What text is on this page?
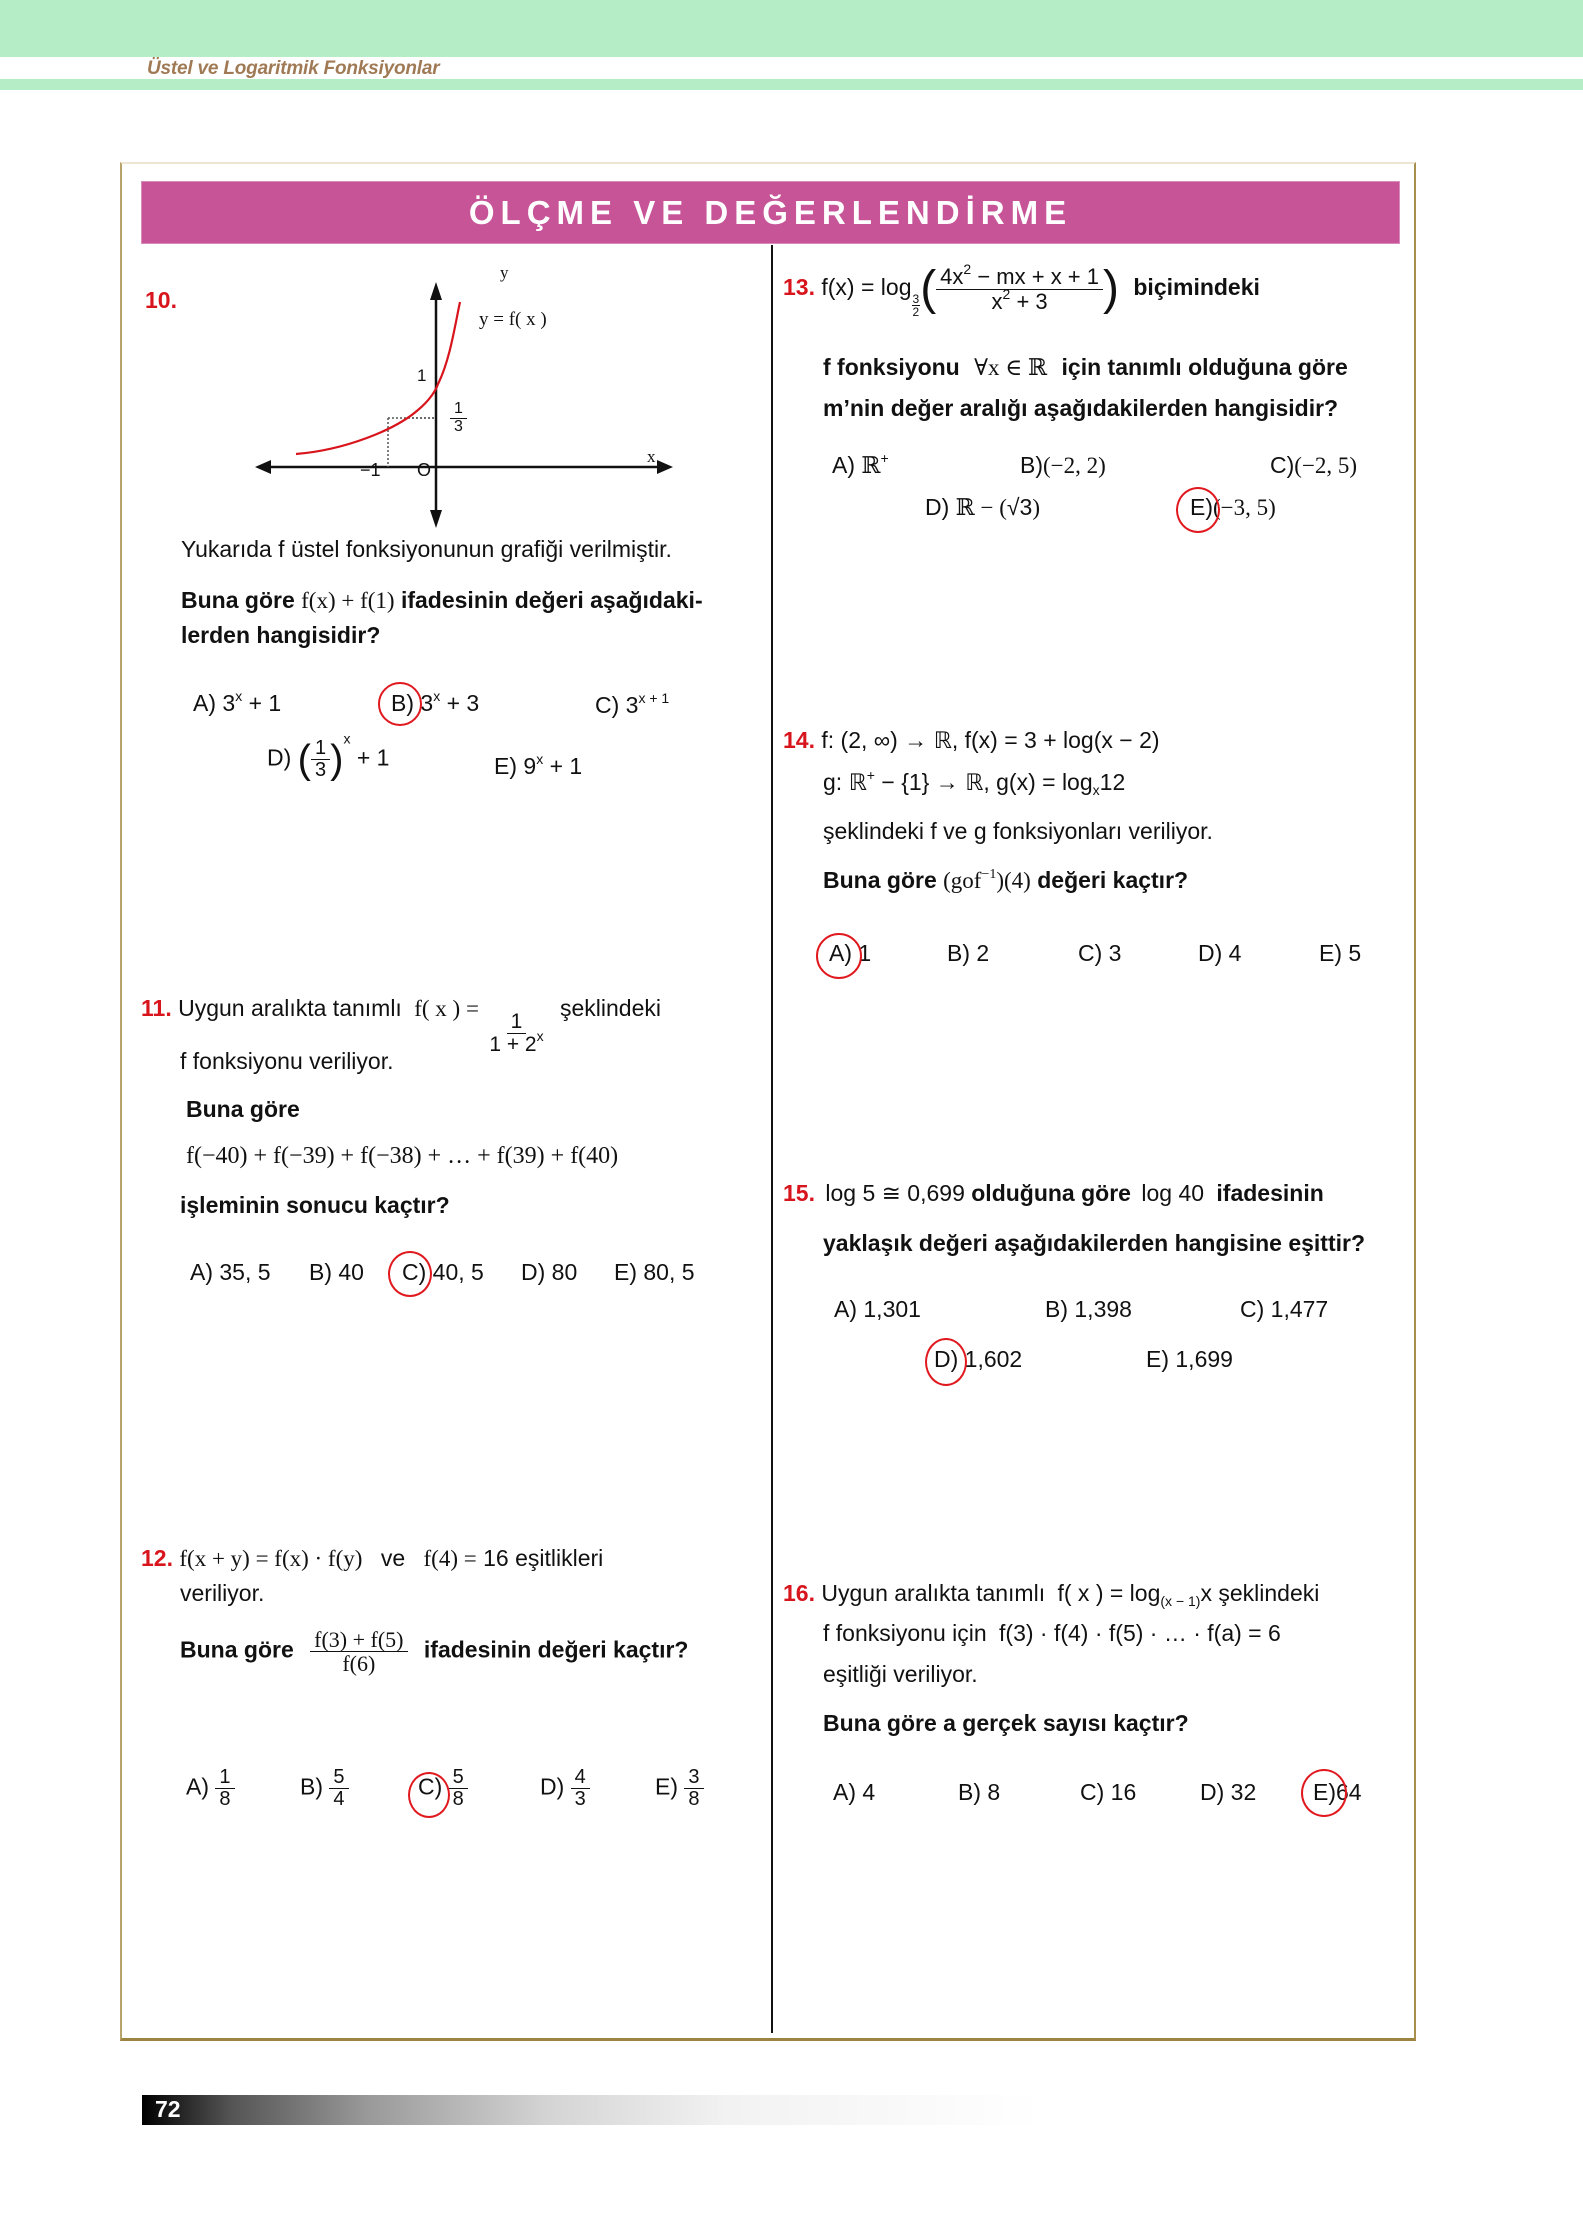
Üstel ve Logaritmik Fonksiyonlar
ÖLÇME VE DEĞERLENDİRME
10.
y
x
y = f( x )
1
$\frac{1}{3}$
−1 O
Yukarıda f üstel fonksiyonunun grafiği verilmiştir.
Buna göre f(x) + f(1) ifadesinin değeri aşağıdaki-
lerden hangisidir?
A) $3^x + 1$	B) $3^x + 3$	C) $3^{x + 1}$
D) ( $\frac{1}{3} )^x + 1$	E) $9^x + 1$
11. Uygun aralıkta tanımlı f( x ) =
$\frac{1}{1 + 2^x}$
şeklindeki
f fonksiyonu veriliyor.
Buna göre
f(−40) + f(−39) + f(−38) + … + f(39) + f(40)
işleminin sonucu kaçtır?
A) 35, 5 B) 40 C) 40, 5 D) 80 E) 80, 5
12. f(x + y) = f(x) · f(y) ve f(4) = 16 eşitlikleri
veriliyor.
Buna göre $\frac{f(3) + f(5)}{f(6)}$ ifadesinin değeri kaçtır?
$A) \frac{1}{8}$	$B) \frac{5}{4}$	$C) \frac{5}{8}$	$D) \frac{4}{3}$	$E) \frac{3}{8}$
13. f(x) = log
$\frac{3}{2}$ ( $\frac{4x^2 - mx + x + 1}{x^2 + 3}$ ) biçimindeki
f fonksiyonu ∀x ∈ ℝ için tanımlı olduğuna göre
m’nin değer aralığı aşağıdakilerden hangisidir?
A) ℝ+	B)(−2, 2)	C)(−2, 5)
D) ℝ − (√3)	E)(−3, 5)
14. f: (2, ∞) → ℝ, f(x) = 3 + log(x − 2)
g: ℝ+ − {1} → ℝ, $g(x) = \log_x12$
şeklindeki f ve g fonksiyonları veriliyor.
Buna göre (gof$^{-1}$)(4) değeri kaçtır?
A) 1	B) 2	C) 3	D) 4	E) 5
15. log 5 ≅ 0,699 olduğuna göre log 40 ifadesinin
yaklaşık değeri aşağıdakilerden hangisine eşittir?
A) 1,301	B) 1,398	C) 1,477
D) 1,602	E) 1,699
16. Uygun aralıkta tanımlı f( x ) = $\log_{(x - 1)}x$ şeklindeki
f fonksiyonu için f(3) · f(4) · f(5) · … · f(a) = 6
eşitliği veriliyor.
Buna göre a gerçek sayısı kaçtır?
A) 4	B) 8	C) 16	D) 32 E)64
72
